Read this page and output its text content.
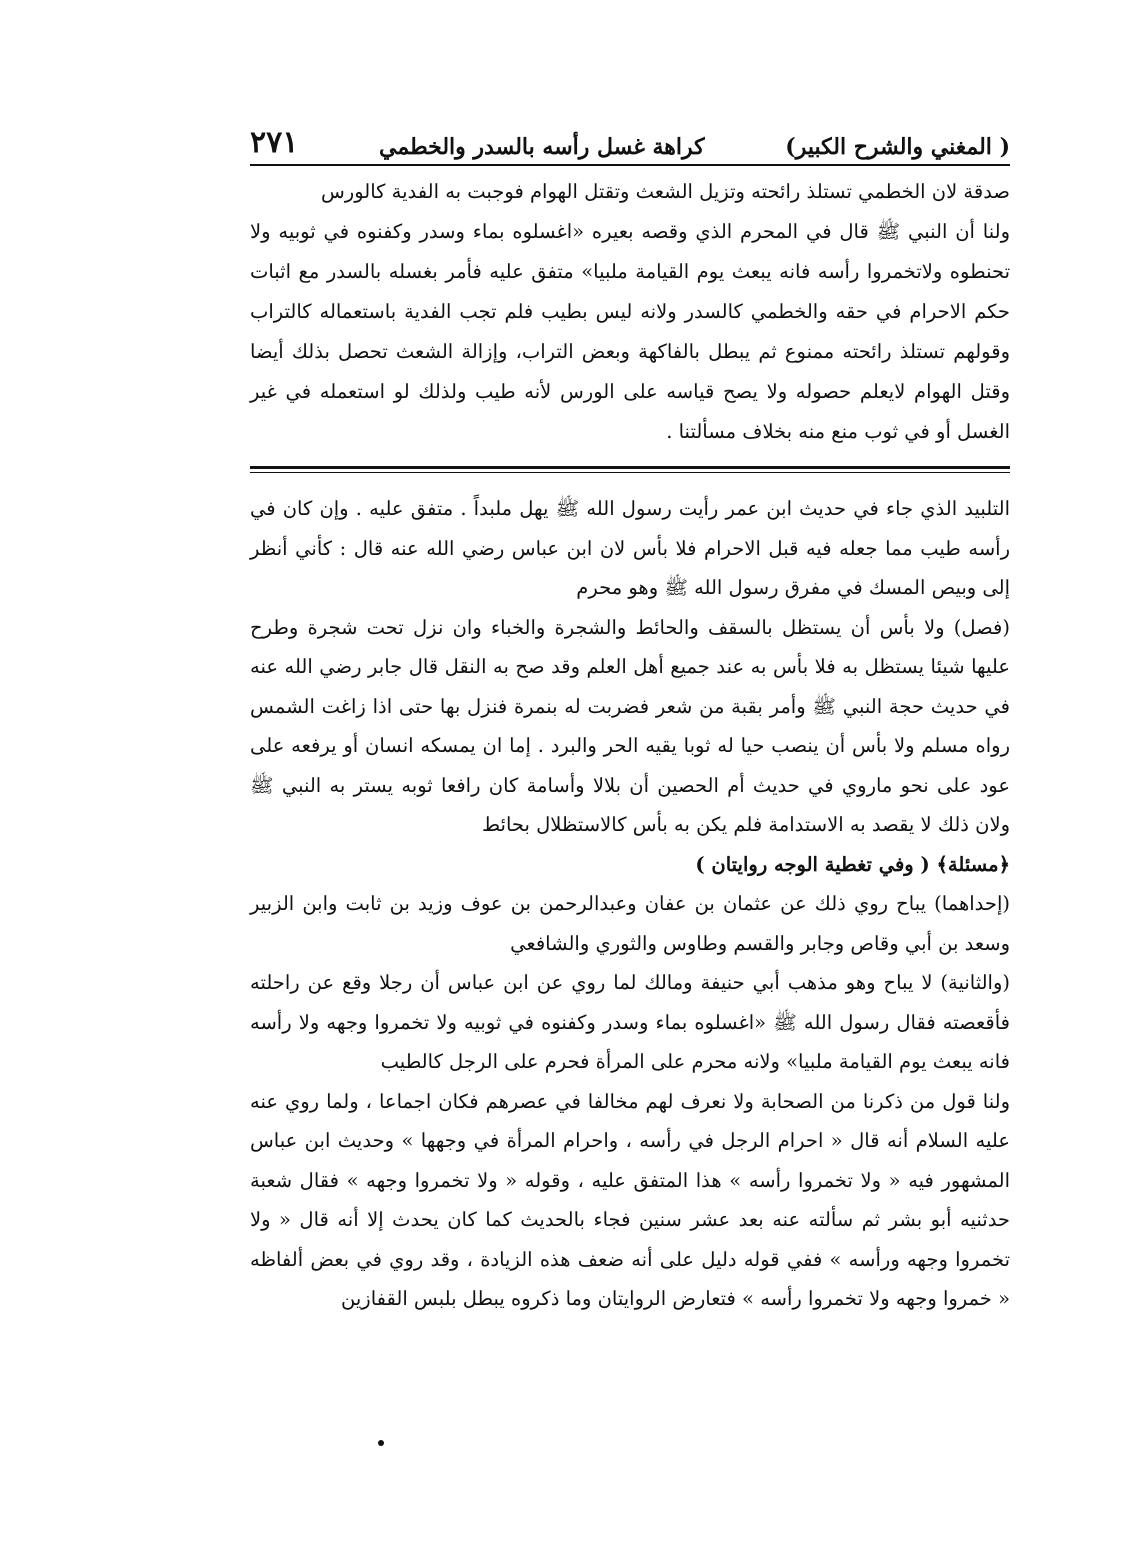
( المغني والشرح الكبير)
كراهة غسل رأسه بالسدر والخطمي
٢٧١

صدقة لان الخطمي تستلذ رائحته وتزيل الشعث وتقتل الهوام فوجبت به الفدية كالورس

ولنا أن النبي ﷺ قال في المحرم الذي وقصه بعيره «اغسلوه بماء وسدر وكفنوه في ثوبيه ولا تحنطوه ولاتخمروا رأسه فانه يبعث يوم القيامة ملبيا» متفق عليه فأمر بغسله بالسدر مع اثبات حكم الاحرام في حقه والخطمي كالسدر ولانه ليس بطيب فلم تجب الفدية باستعماله كالتراب وقولهم تستلذ رائحته ممنوع ثم يبطل بالفاكهة وبعض التراب، وإزالة الشعث تحصل بذلك أيضا وقتل الهوام لايعلم حصوله ولا يصح قياسه على الورس لأنه طيب ولذلك لو استعمله في غير الغسل أو في ثوب منع منه بخلاف مسألتنا .

التلبيد الذي جاء في حديث ابن عمر رأيت رسول الله ﷺ يهل ملبداً . متفق عليه . وإن كان في رأسه طيب مما جعله فيه قبل الاحرام فلا بأس لان ابن عباس رضي الله عنه قال : كأني أنظر إلى وبيص المسك في مفرق رسول الله ﷺ وهو محرم

(فصل) ولا بأس أن يستظل بالسقف والحائط والشجرة والخباء وان نزل تحت شجرة وطرح عليها شيئا يستظل به فلا بأس به عند جميع أهل العلم وقد صح به النقل قال جابر رضي الله عنه في حديث حجة النبي ﷺ وأمر بقبة من شعر فضربت له بنمرة فنزل بها حتى اذا زاغت الشمس رواه مسلم ولا بأس أن ينصب حيا له ثوبا يقيه الحر والبرد . إما ان يمسكه انسان أو يرفعه على عود على نحو ماروي في حديث أم الحصين أن بلالا وأسامة كان رافعا ثوبه يستر به النبي ﷺ ولان ذلك لا يقصد به الاستدامة فلم يكن به بأس كالاستظلال بحائط

﴿مسئلة﴾ ( وفي تغطية الوجه روايتان )

(إحداهما) يباح روي ذلك عن عثمان بن عفان وعبدالرحمن بن عوف وزيد بن ثابت وابن الزبير وسعد بن أبي وقاص وجابر والقسم وطاوس والثوري والشافعي

(والثانية) لا يباح وهو مذهب أبي حنيفة ومالك لما روي عن ابن عباس أن رجلا وقع عن راحلته فأقعصته فقال رسول الله ﷺ «اغسلوه بماء وسدر وكفنوه في ثوبيه ولا تخمروا وجهه ولا رأسه فانه يبعث يوم القيامة ملبيا» ولانه محرم على المرأة فحرم على الرجل كالطيب

ولنا قول من ذكرنا من الصحابة ولا نعرف لهم مخالفا في عصرهم فكان اجماعا ، ولما روي عنه عليه السلام أنه قال « احرام الرجل في رأسه ، واحرام المرأة في وجهها » وحديث ابن عباس المشهور فيه « ولا تخمروا رأسه » هذا المتفق عليه ، وقوله « ولا تخمروا وجهه » فقال شعبة حدثنيه أبو بشر ثم سألته عنه بعد عشر سنين فجاء بالحديث كما كان يحدث إلا أنه قال « ولا تخمروا وجهه ورأسه » ففي قوله دليل على أنه ضعف هذه الزيادة ، وقد روي في بعض ألفاظه « خمروا وجهه ولا تخمروا رأسه » فتعارض الروايتان وما ذكروه يبطل بلبس القفازين
